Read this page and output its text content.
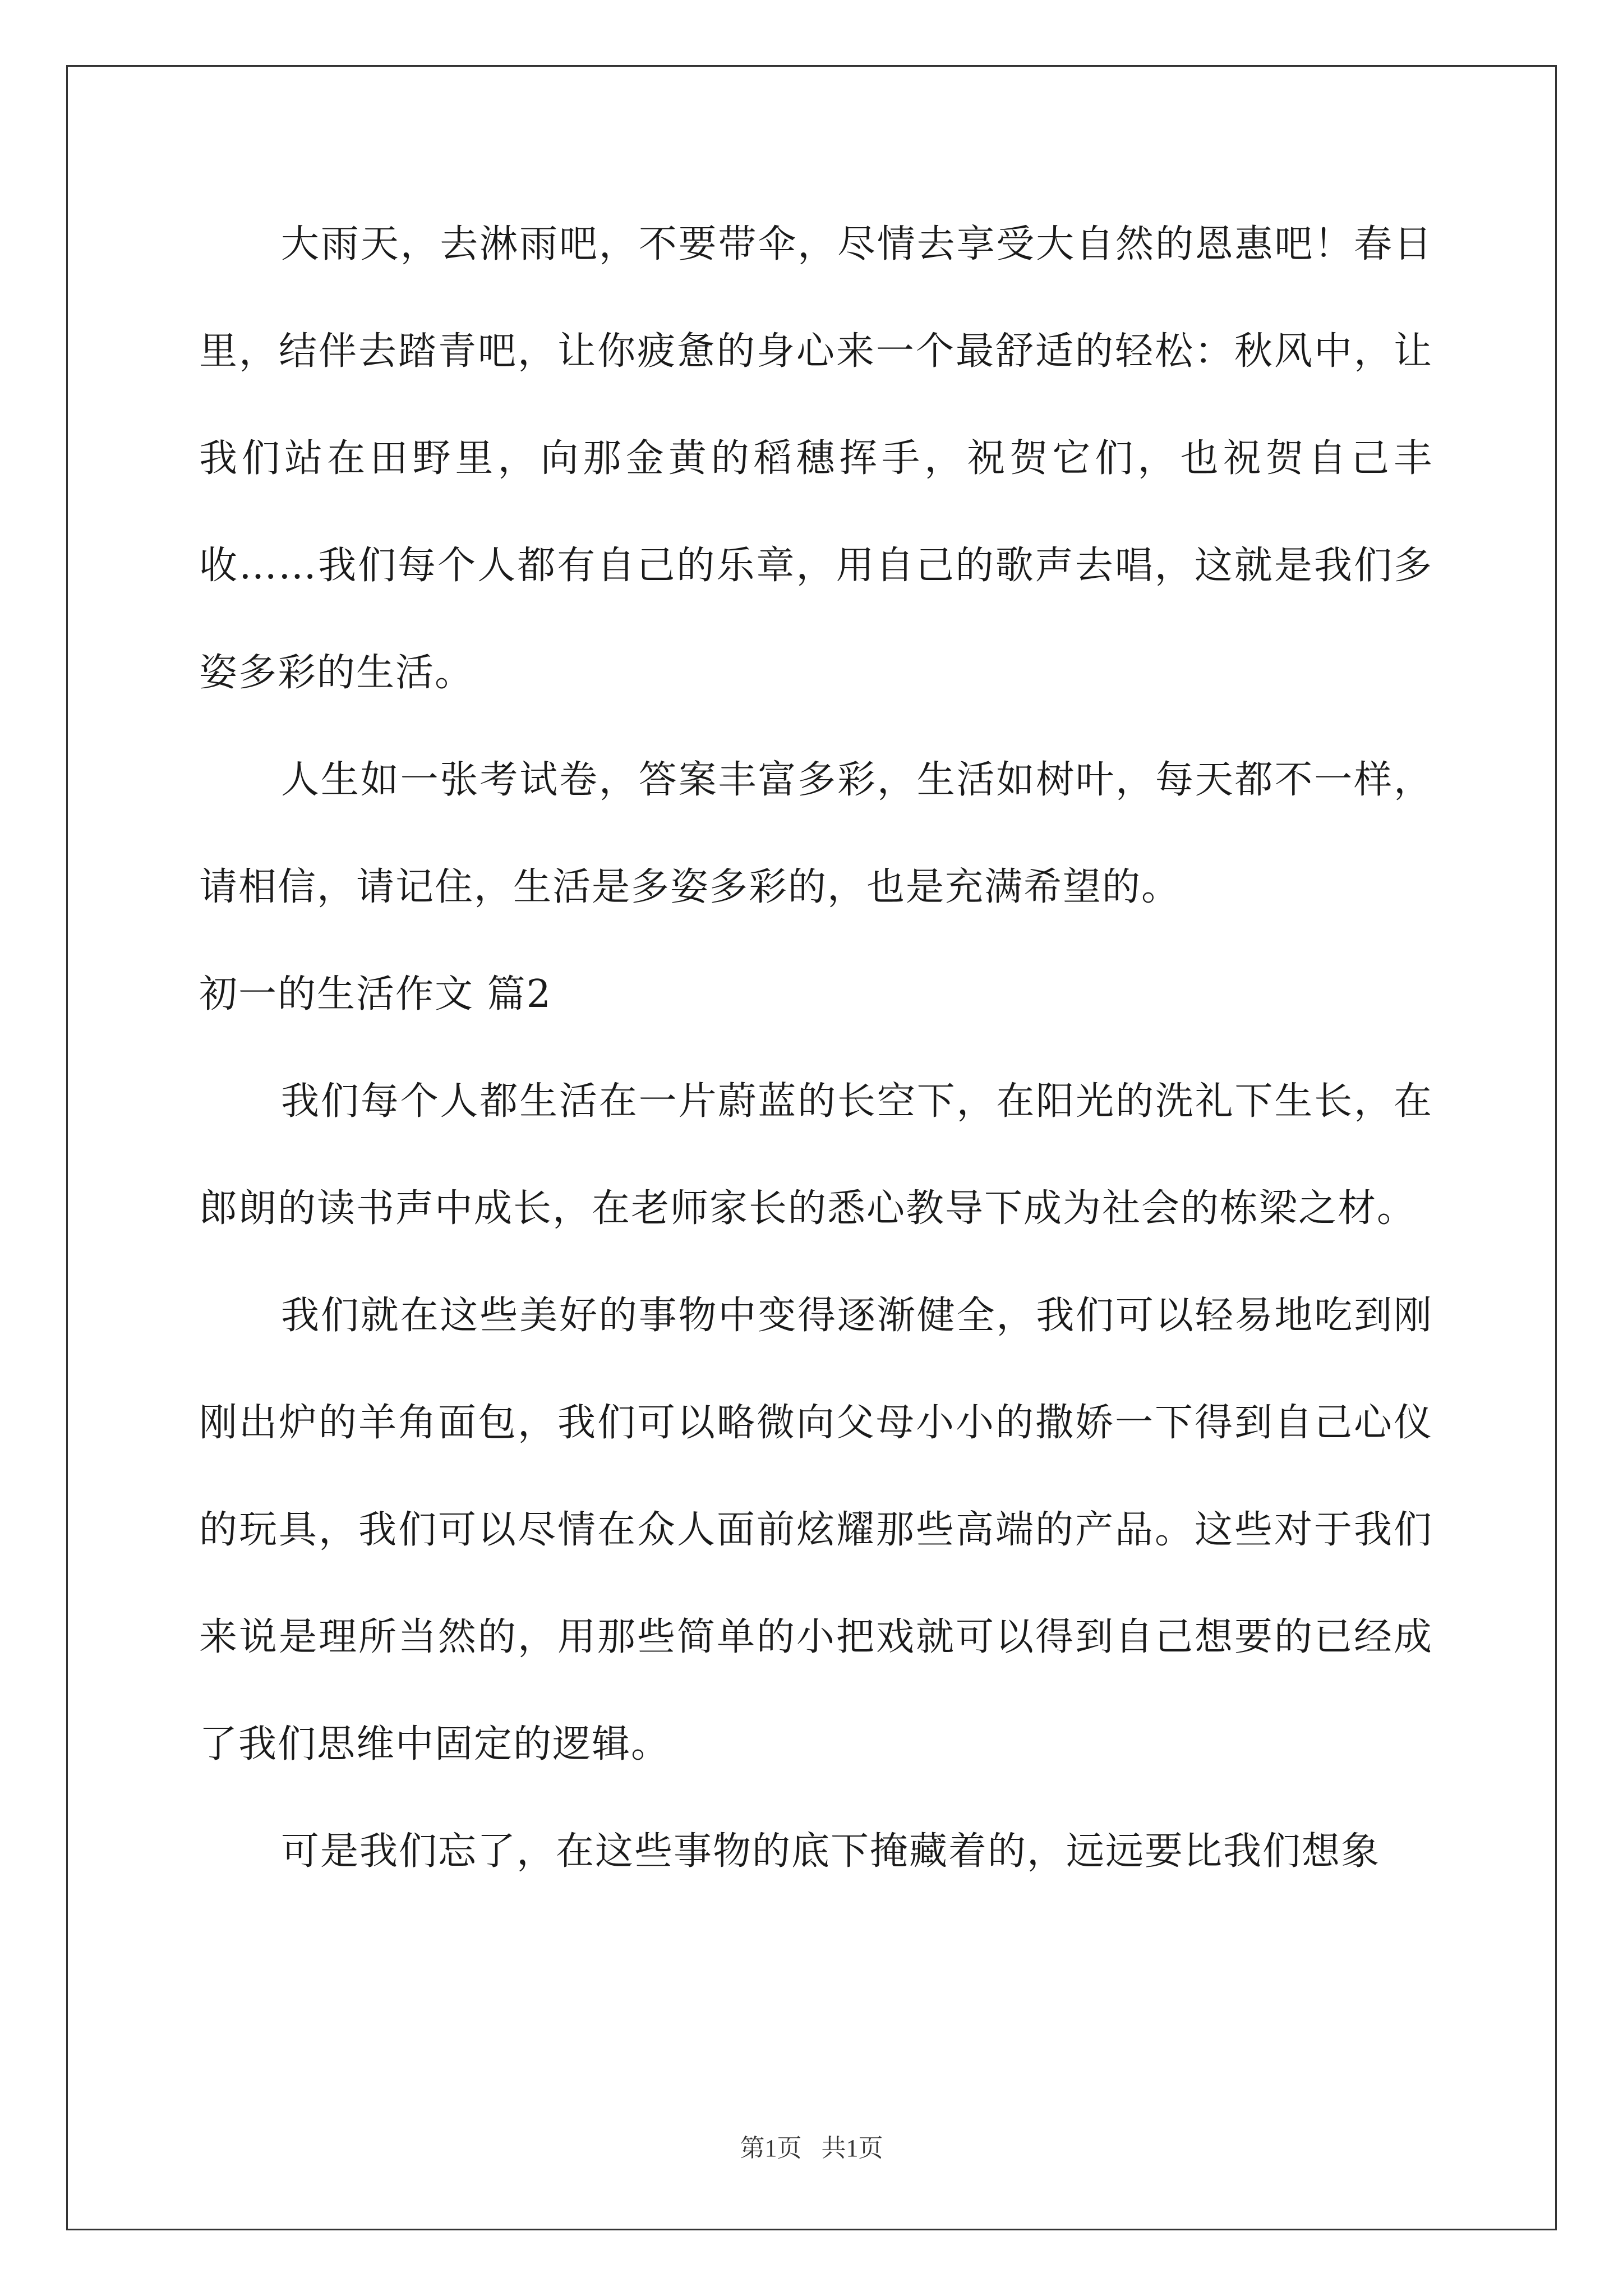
大雨天，去淋雨吧，不要带伞，尽情去享受大自然的恩惠吧！春日里，结伴去踏青吧，让你疲惫的身心来一个最舒适的轻松：秋风中，让我们站在田野里，向那金黄的稻穗挥手，祝贺它们，也祝贺自己丰收……我们每个人都有自己的乐章，用自己的歌声去唱，这就是我们多姿多彩的生活。

人生如一张考试卷，答案丰富多彩，生活如树叶，每天都不一样，请相信，请记住，生活是多姿多彩的，也是充满希望的。

初一的生活作文 篇2

我们每个人都生活在一片蔚蓝的长空下，在阳光的洗礼下生长，在郎朗的读书声中成长，在老师家长的悉心教导下成为社会的栋梁之材。

我们就在这些美好的事物中变得逐渐健全，我们可以轻易地吃到刚刚出炉的羊角面包，我们可以略微向父母小小的撒娇一下得到自己心仪的玩具，我们可以尽情在众人面前炫耀那些高端的产品。这些对于我们来说是理所当然的，用那些简单的小把戏就可以得到自己想要的已经成了我们思维中固定的逻辑。

可是我们忘了，在这些事物的底下掩藏着的，远远要比我们想象

第1页 共1页
